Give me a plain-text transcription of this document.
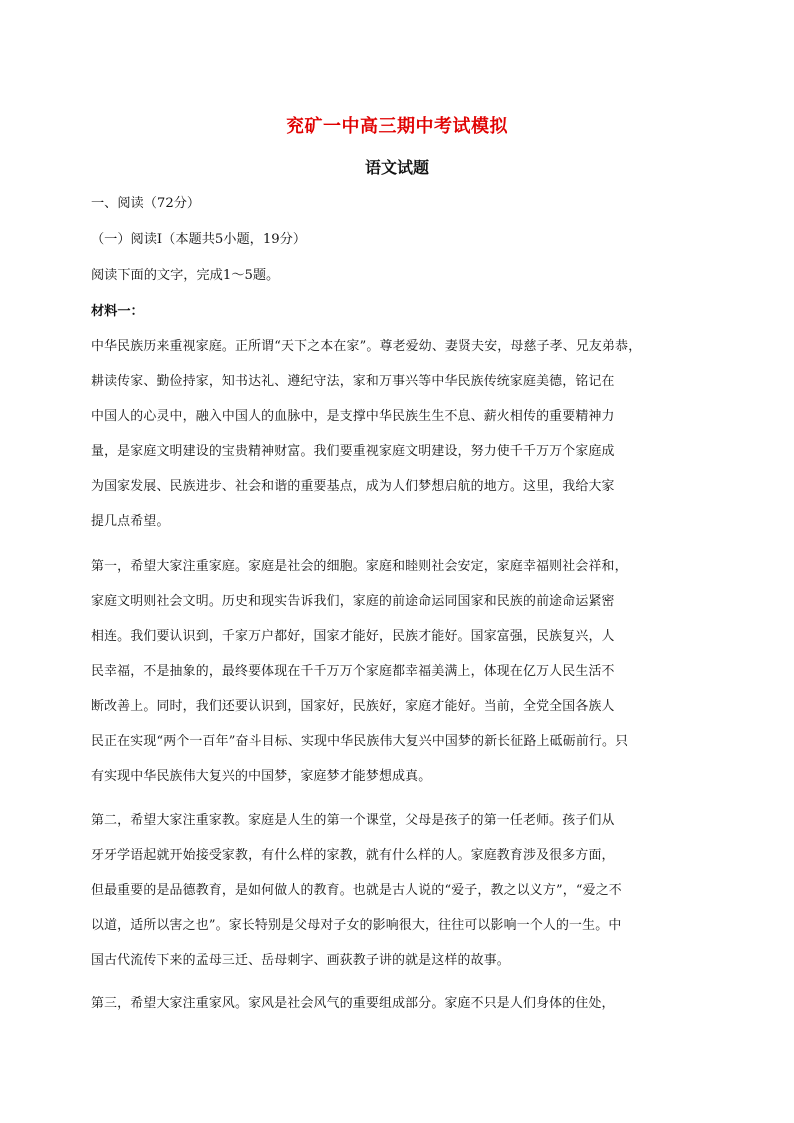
兖矿一中高三期中考试模拟
语文试题
一、阅读（72分）
（一）阅读Ⅰ（本题共5小题，19分）
阅读下面的文字，完成1～5题。
材料一：
中华民族历来重视家庭。正所谓“天下之本在家”。尊老爱幼、妻贤夫安，母慈子孝、兄友弟恭，
耕读传家、勤俭持家，知书达礼、遵纪守法，家和万事兴等中华民族传统家庭美德，铭记在
中国人的心灵中，融入中国人的血脉中，是支撑中华民族生生不息、薪火相传的重要精神力
量，是家庭文明建设的宝贵精神财富。我们要重视家庭文明建设，努力使千千万万个家庭成
为国家发展、民族进步、社会和谐的重要基点，成为人们梦想启航的地方。这里，我给大家
提几点希望。
第一，希望大家注重家庭。家庭是社会的细胞。家庭和睦则社会安定，家庭幸福则社会祥和，
家庭文明则社会文明。历史和现实告诉我们，家庭的前途命运同国家和民族的前途命运紧密
相连。我们要认识到，千家万户都好，国家才能好，民族才能好。国家富强，民族复兴，人
民幸福，不是抽象的，最终要体现在千千万万个家庭都幸福美满上，体现在亿万人民生活不
断改善上。同时，我们还要认识到，国家好，民族好，家庭才能好。当前，全党全国各族人
民正在实现“两个一百年”奋斗目标、实现中华民族伟大复兴中国梦的新长征路上砥砺前行。只
有实现中华民族伟大复兴的中国梦，家庭梦才能梦想成真。
第二，希望大家注重家教。家庭是人生的第一个课堂，父母是孩子的第一任老师。孩子们从
牙牙学语起就开始接受家教，有什么样的家教，就有什么样的人。家庭教育涉及很多方面，
但最重要的是品德教育，是如何做人的教育。也就是古人说的“爱子，教之以义方”，“爱之不
以道，适所以害之也”。家长特别是父母对子女的影响很大，往往可以影响一个人的一生。中
国古代流传下来的孟母三迁、岳母刺字、画荻教子讲的就是这样的故事。
第三，希望大家注重家风。家风是社会风气的重要组成部分。家庭不只是人们身体的住处，
